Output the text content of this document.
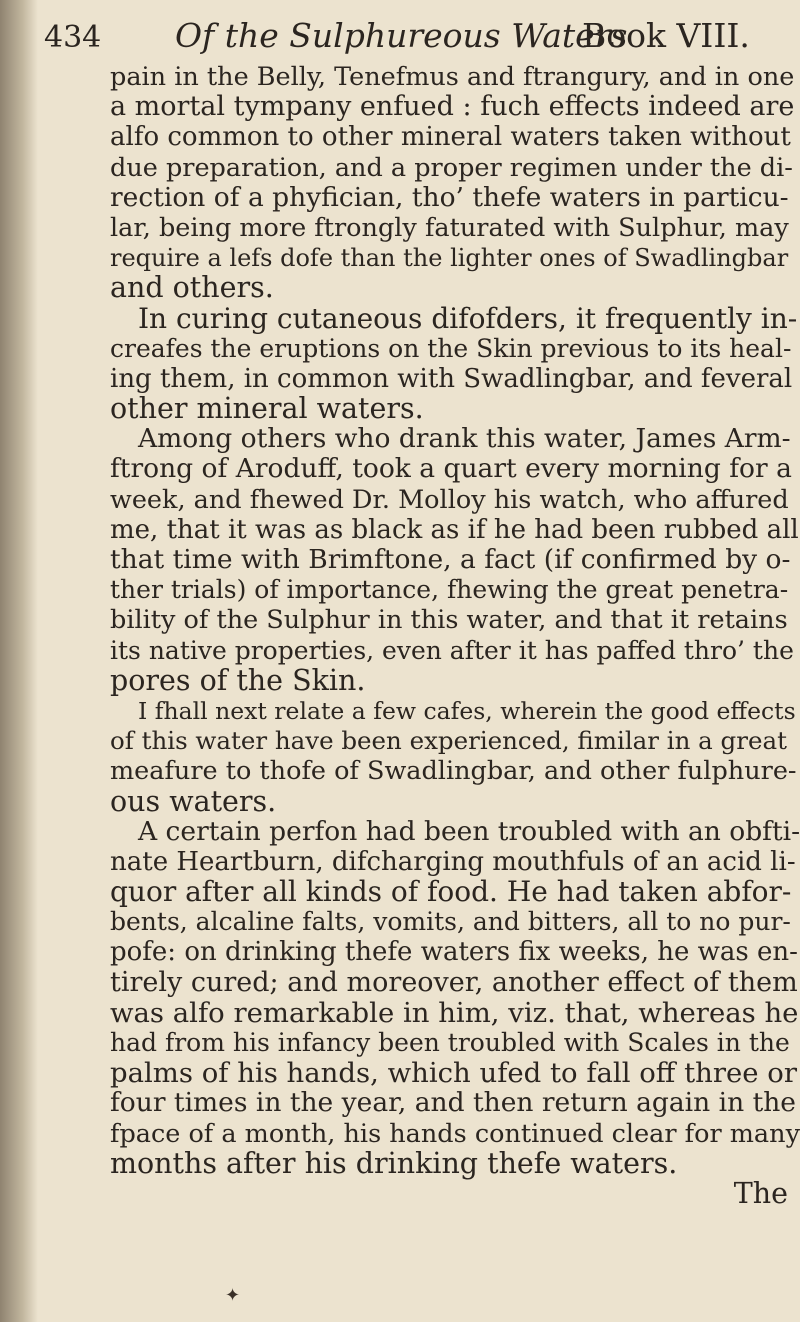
434 Of the Sulphureous Waters
Book VIII.
pain in the Belly, Tenefmus and ftrangury, and in one
a mortal tympany enfued : fuch effects indeed are
alfo common to other mineral waters taken without
due preparation, and a proper regimen under the di-
rection of a phyfician, tho’ thefe waters in particu-
lar, being more ftrongly faturated with Sulphur, may
require a lefs dofe than the lighter ones of Swadlingbar
and others.
In curing cutaneous difofders, it frequently in-
creafes the eruptions on the Skin previous to its heal-
ing them, in common with Swadlingbar, and feveral
other mineral waters.
Among others who drank this water, James Arm-
ftrong of Aroduff, took a quart every morning for a
week, and fhewed Dr. Molloy his watch, who affured
me, that it was as black as if he had been rubbed all
that time with Brimftone, a fact (if confirmed by o-
ther trials) of importance, fhewing the great penetra-
bility of the Sulphur in this water, and that it retains
its native properties, even after it has paffed thro’ the
pores of the Skin.
I fhall next relate a few cafes, wherein the good effects
of this water have been experienced, fimilar in a great
meafure to thofe of Swadlingbar, and other fulphure-
ous waters.
A certain perfon had been troubled with an obfti-
nate Heartburn, difcharging mouthfuls of an acid li-
quor after all kinds of food. He had taken abfor-
bents, alcaline falts, vomits, and bitters, all to no pur-
pofe: on drinking thefe waters fix weeks, he was en-
tirely cured; and moreover, another effect of them
was alfo remarkable in him, viz. that, whereas he
had from his infancy been troubled with Scales in the
palms of his hands, which ufed to fall off three or
four times in the year, and then return again in the
fpace of a month, his hands continued clear for many
months after his drinking thefe waters.
The
✦
